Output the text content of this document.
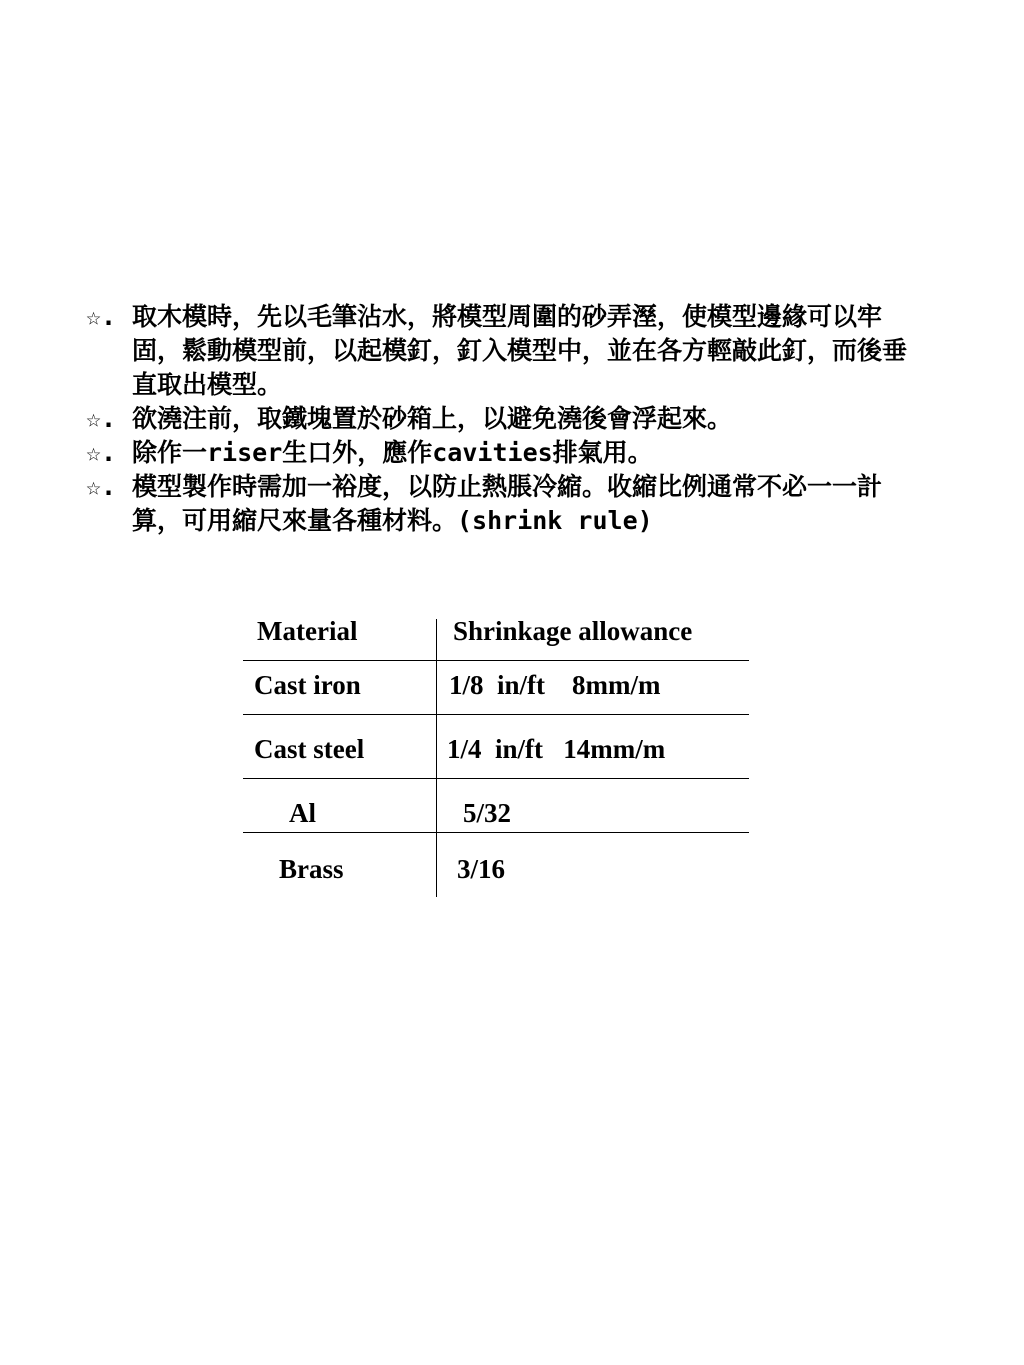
☆. 取木模時，先以毛筆沾水，將模型周圍的砂弄溼，使模型邊緣可以牢固，鬆動模型前，以起模釘，釘入模型中，並在各方輕敲此釘，而後垂直取出模型。
☆. 欲澆注前，取鐵塊置於砂箱上，以避免澆後會浮起來。
☆. 除作一riser生口外，應作cavities排氣用。
☆. 模型製作時需加一裕度，以防止熱脹冷縮。收縮比例通常不必一一計算，可用縮尺來量各種材料。(shrink rule)
Material	Shrinkage allowance
Cast iron	1/8  in/ft    8mm/m
Cast steel	1/4  in/ft   14mm/m
Al	5/32
Brass	3/16
